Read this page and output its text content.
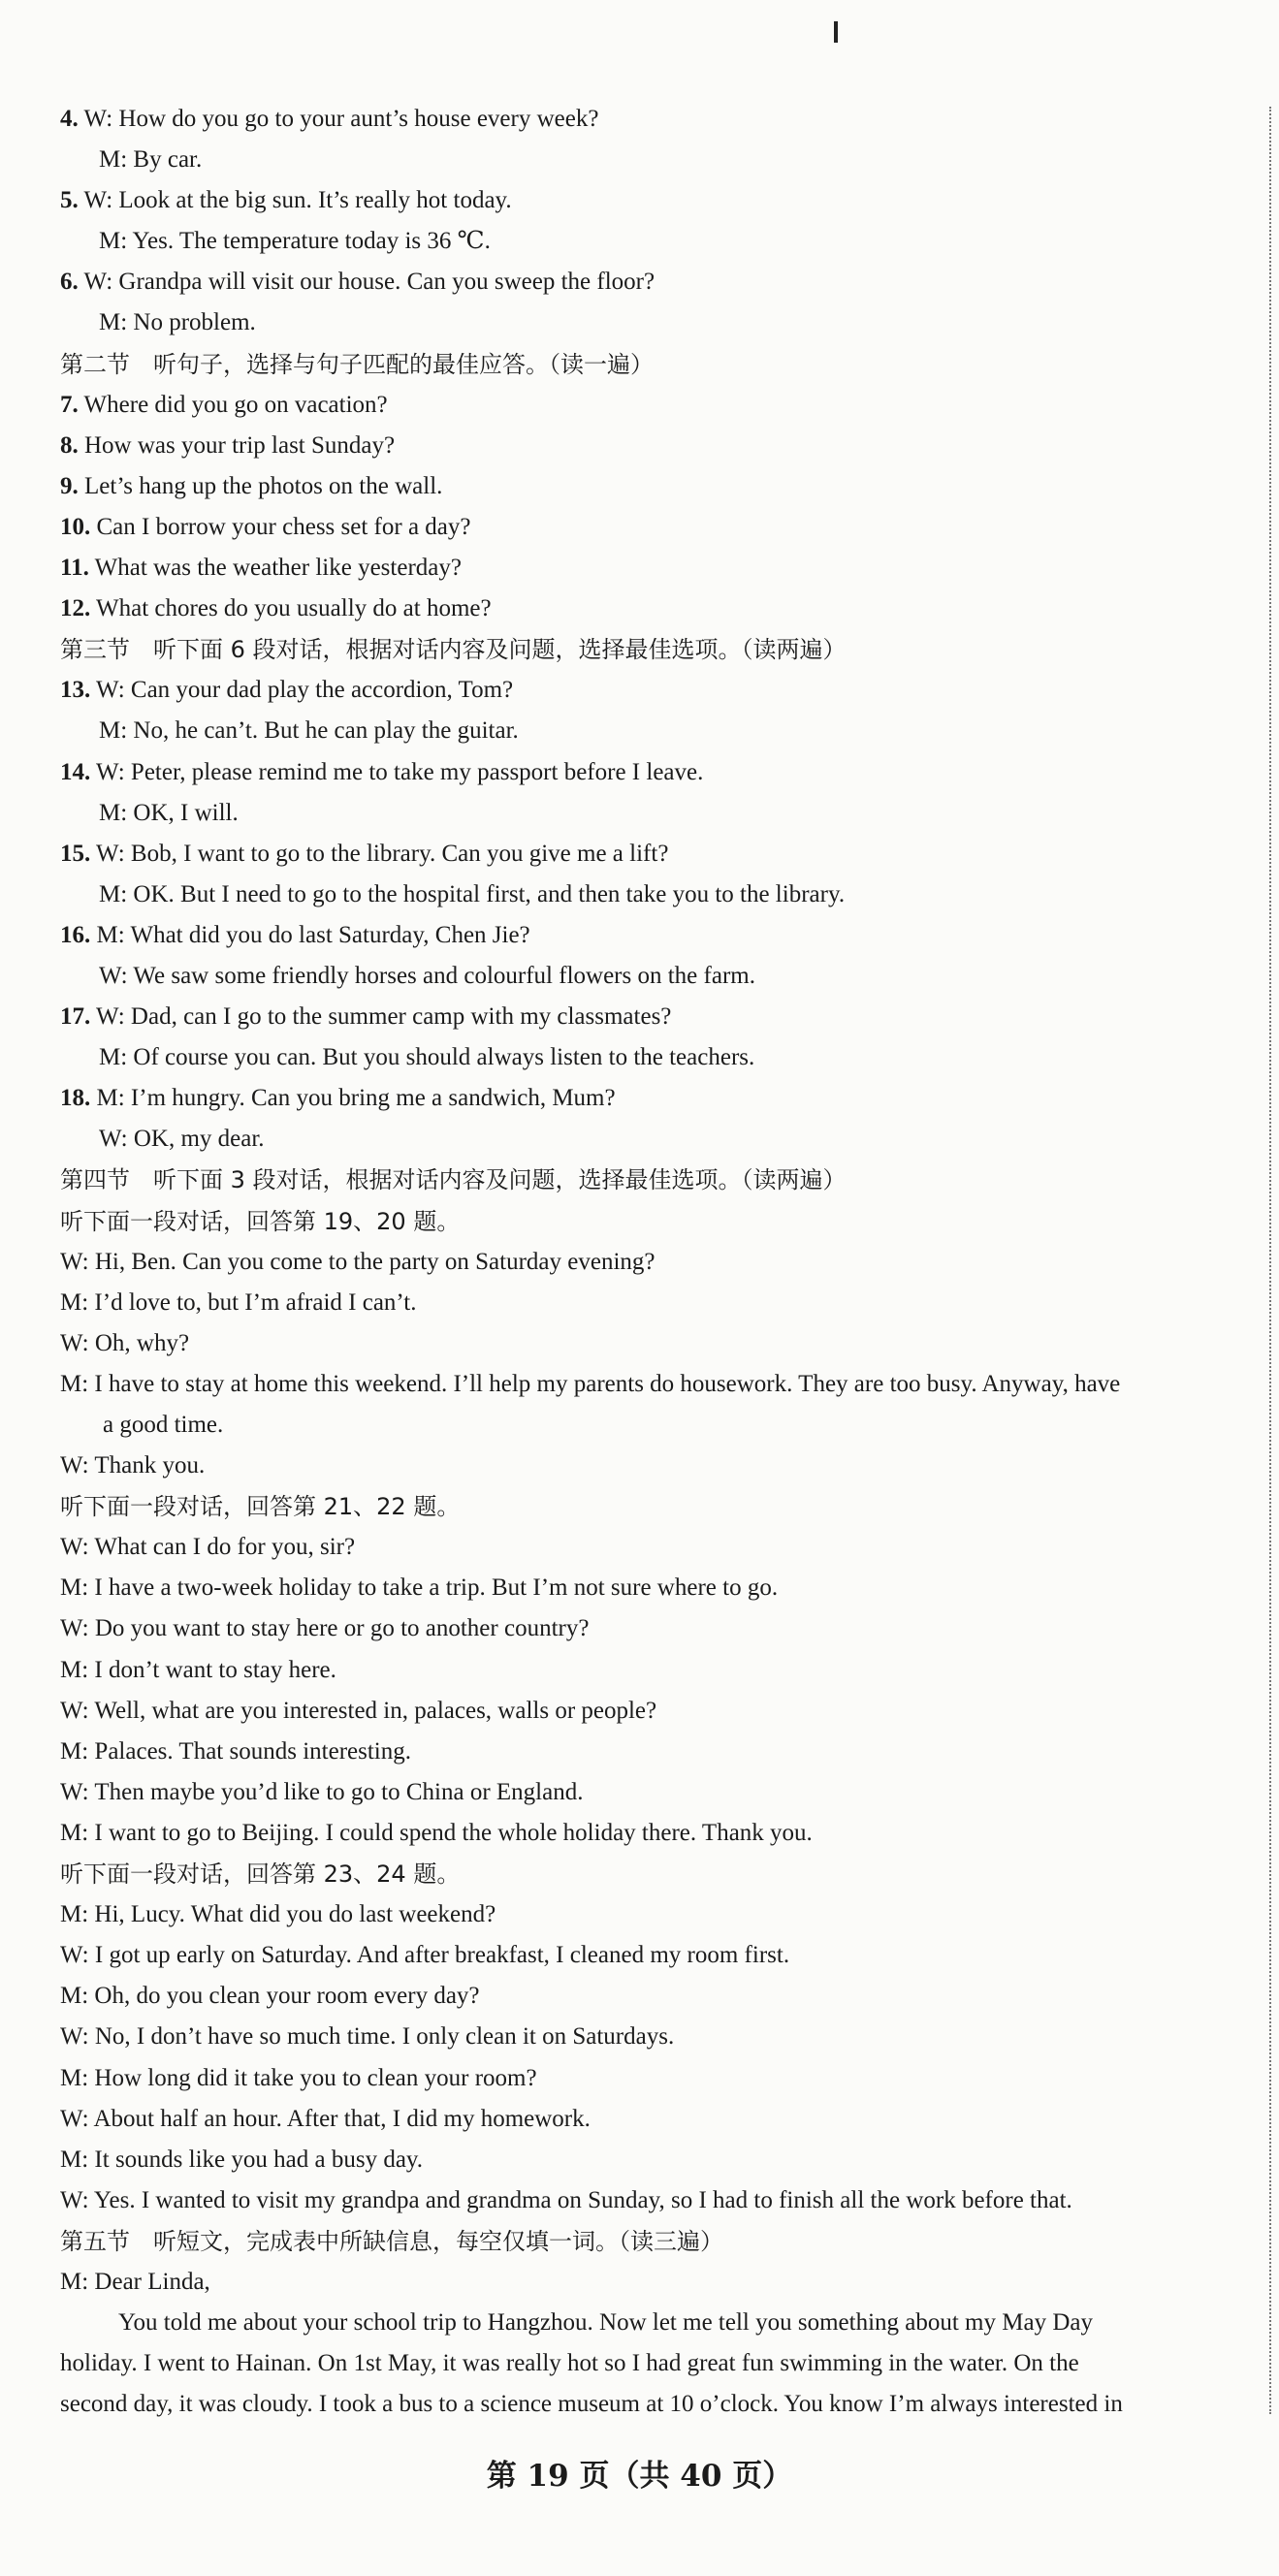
4. W: How do you go to your aunt’s house every week?
M: By car.
5. W: Look at the big sun. It’s really hot today.
M: Yes. The temperature today is 36 ℃.
6. W: Grandpa will visit our house. Can you sweep the floor?
M: No problem.
第二节　听句子，选择与句子匹配的最佳应答。（读一遍）
7. Where did you go on vacation?
8. How was your trip last Sunday?
9. Let’s hang up the photos on the wall.
10. Can I borrow your chess set for a day?
11. What was the weather like yesterday?
12. What chores do you usually do at home?
第三节　听下面 6 段对话，根据对话内容及问题，选择最佳选项。（读两遍）
13. W: Can your dad play the accordion, Tom?
M: No, he can’t. But he can play the guitar.
14. W: Peter, please remind me to take my passport before I leave.
M: OK, I will.
15. W: Bob, I want to go to the library. Can you give me a lift?
M: OK. But I need to go to the hospital first, and then take you to the library.
16. M: What did you do last Saturday, Chen Jie?
W: We saw some friendly horses and colourful flowers on the farm.
17. W: Dad, can I go to the summer camp with my classmates?
M: Of course you can. But you should always listen to the teachers.
18. M: I’m hungry. Can you bring me a sandwich, Mum?
W: OK, my dear.
第四节　听下面 3 段对话，根据对话内容及问题，选择最佳选项。（读两遍）
听下面一段对话，回答第 19、20 题。
W: Hi, Ben. Can you come to the party on Saturday evening?
M: I’d love to, but I’m afraid I can’t.
W: Oh, why?
M: I have to stay at home this weekend. I’ll help my parents do housework. They are too busy. Anyway, have
a good time.
W: Thank you.
听下面一段对话，回答第 21、22 题。
W: What can I do for you, sir?
M: I have a two-week holiday to take a trip. But I’m not sure where to go.
W: Do you want to stay here or go to another country?
M: I don’t want to stay here.
W: Well, what are you interested in, palaces, walls or people?
M: Palaces. That sounds interesting.
W: Then maybe you’d like to go to China or England.
M: I want to go to Beijing. I could spend the whole holiday there. Thank you.
听下面一段对话，回答第 23、24 题。
M: Hi, Lucy. What did you do last weekend?
W: I got up early on Saturday. And after breakfast, I cleaned my room first.
M: Oh, do you clean your room every day?
W: No, I don’t have so much time. I only clean it on Saturdays.
M: How long did it take you to clean your room?
W: About half an hour. After that, I did my homework.
M: It sounds like you had a busy day.
W: Yes. I wanted to visit my grandpa and grandma on Sunday, so I had to finish all the work before that.
第五节　听短文，完成表中所缺信息，每空仅填一词。（读三遍）
M: Dear Linda,
You told me about your school trip to Hangzhou. Now let me tell you something about my May Day
holiday. I went to Hainan. On 1st May, it was really hot so I had great fun swimming in the water. On the
second day, it was cloudy. I took a bus to a science museum at 10 o’clock. You know I’m always interested in
第 19 页（共 40 页）
